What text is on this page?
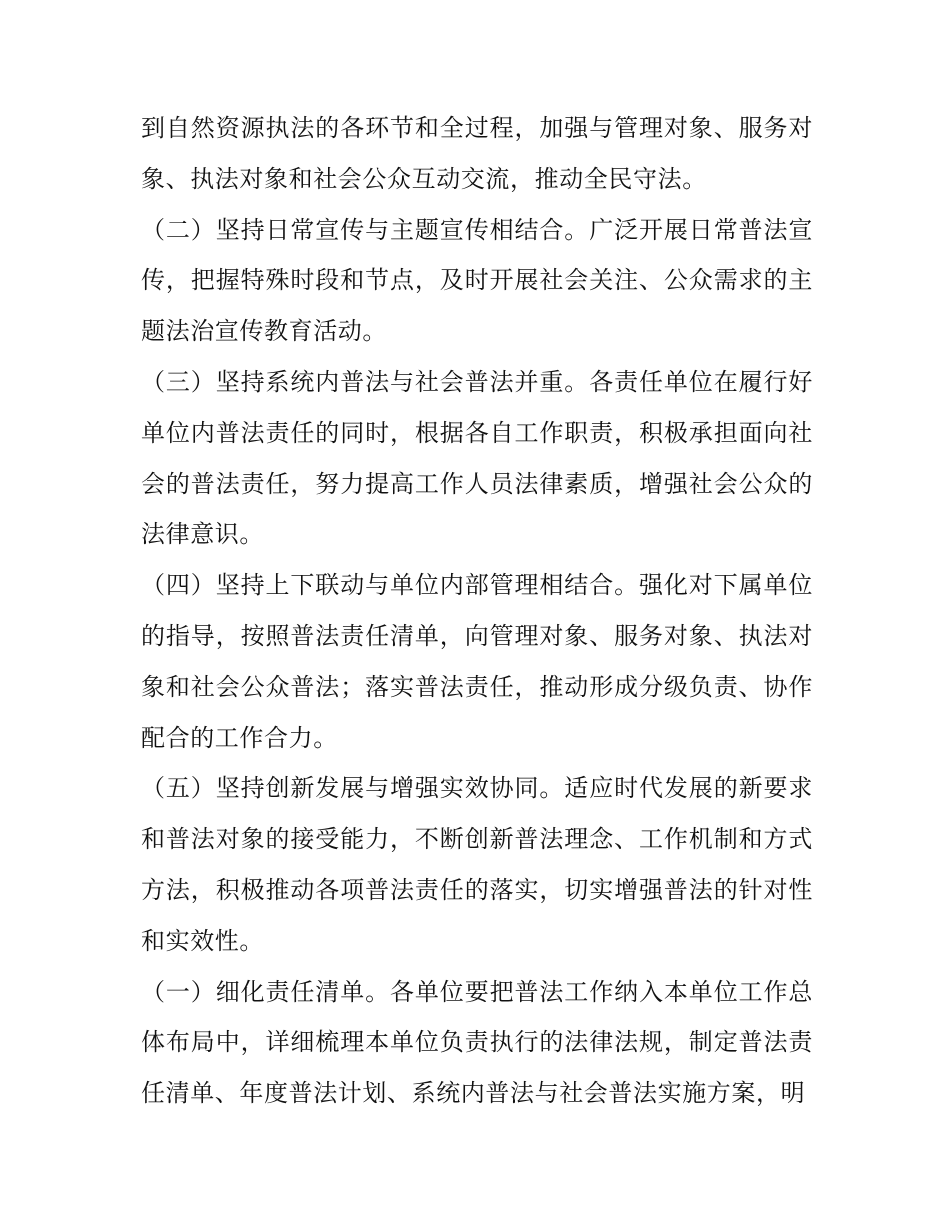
到自然资源执法的各环节和全过程，加强与管理对象、服务对象、执法对象和社会公众互动交流，推动全民守法。

（二）坚持日常宣传与主题宣传相结合。广泛开展日常普法宣传，把握特殊时段和节点，及时开展社会关注、公众需求的主题法治宣传教育活动。

（三）坚持系统内普法与社会普法并重。各责任单位在履行好单位内普法责任的同时，根据各自工作职责，积极承担面向社会的普法责任，努力提高工作人员法律素质，增强社会公众的法律意识。

（四）坚持上下联动与单位内部管理相结合。强化对下属单位的指导，按照普法责任清单，向管理对象、服务对象、执法对象和社会公众普法；落实普法责任，推动形成分级负责、协作配合的工作合力。

（五）坚持创新发展与增强实效协同。适应时代发展的新要求和普法对象的接受能力，不断创新普法理念、工作机制和方式方法，积极推动各项普法责任的落实，切实增强普法的针对性和实效性。

（一）细化责任清单。各单位要把普法工作纳入本单位工作总体布局中，详细梳理本单位负责执行的法律法规，制定普法责任清单、年度普法计划、系统内普法与社会普法实施方案，明
